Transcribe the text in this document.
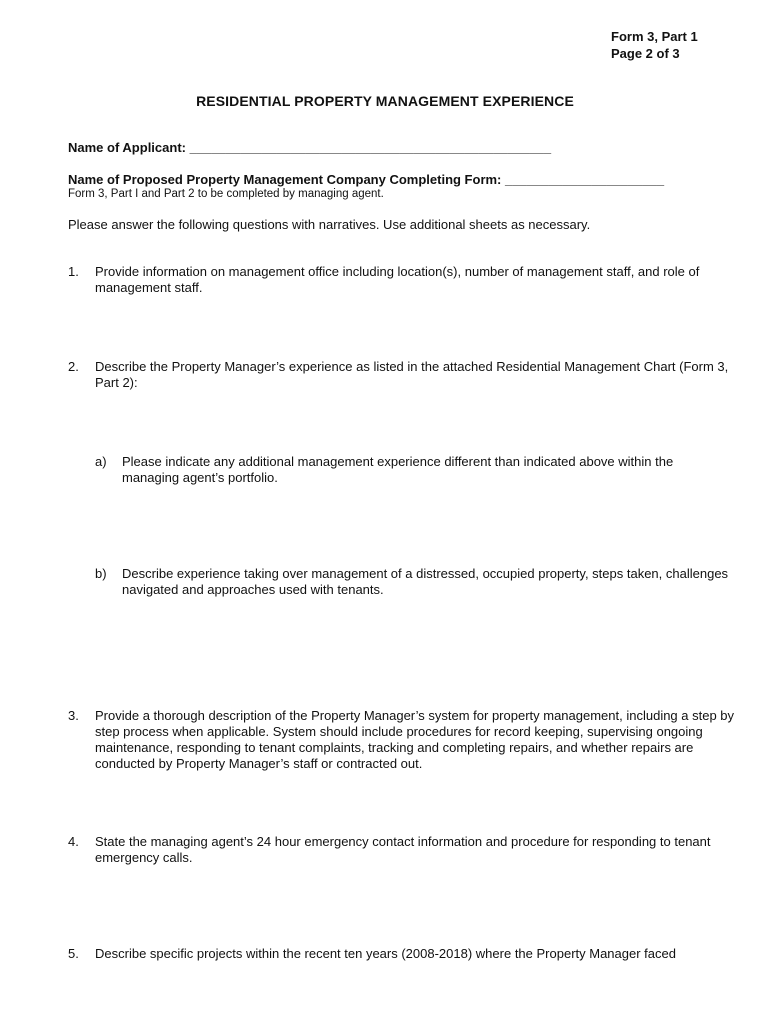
Form 3, Part 1
Page 2 of 3
RESIDENTIAL PROPERTY MANAGEMENT EXPERIENCE
Name of Applicant: __________________________________________________
Name of Proposed Property Management Company Completing Form: ______________________
Form 3, Part I and Part 2 to be completed by managing agent.
Please answer the following questions with narratives. Use additional sheets as necessary.
1. Provide information on management office including location(s), number of management staff, and role of management staff.
2. Describe the Property Manager’s experience as listed in the attached Residential Management Chart (Form 3, Part 2):
a) Please indicate any additional management experience different than indicated above within the managing agent’s portfolio.
b) Describe experience taking over management of a distressed, occupied property, steps taken, challenges navigated and approaches used with tenants.
3. Provide a thorough description of the Property Manager’s system for property management, including a step by step process when applicable. System should include procedures for record keeping, supervising ongoing maintenance, responding to tenant complaints, tracking and completing repairs, and whether repairs are conducted by Property Manager’s staff or contracted out.
4. State the managing agent’s 24 hour emergency contact information and procedure for responding to tenant emergency calls.
5. Describe specific projects within the recent ten years (2008-2018) where the Property Manager faced
